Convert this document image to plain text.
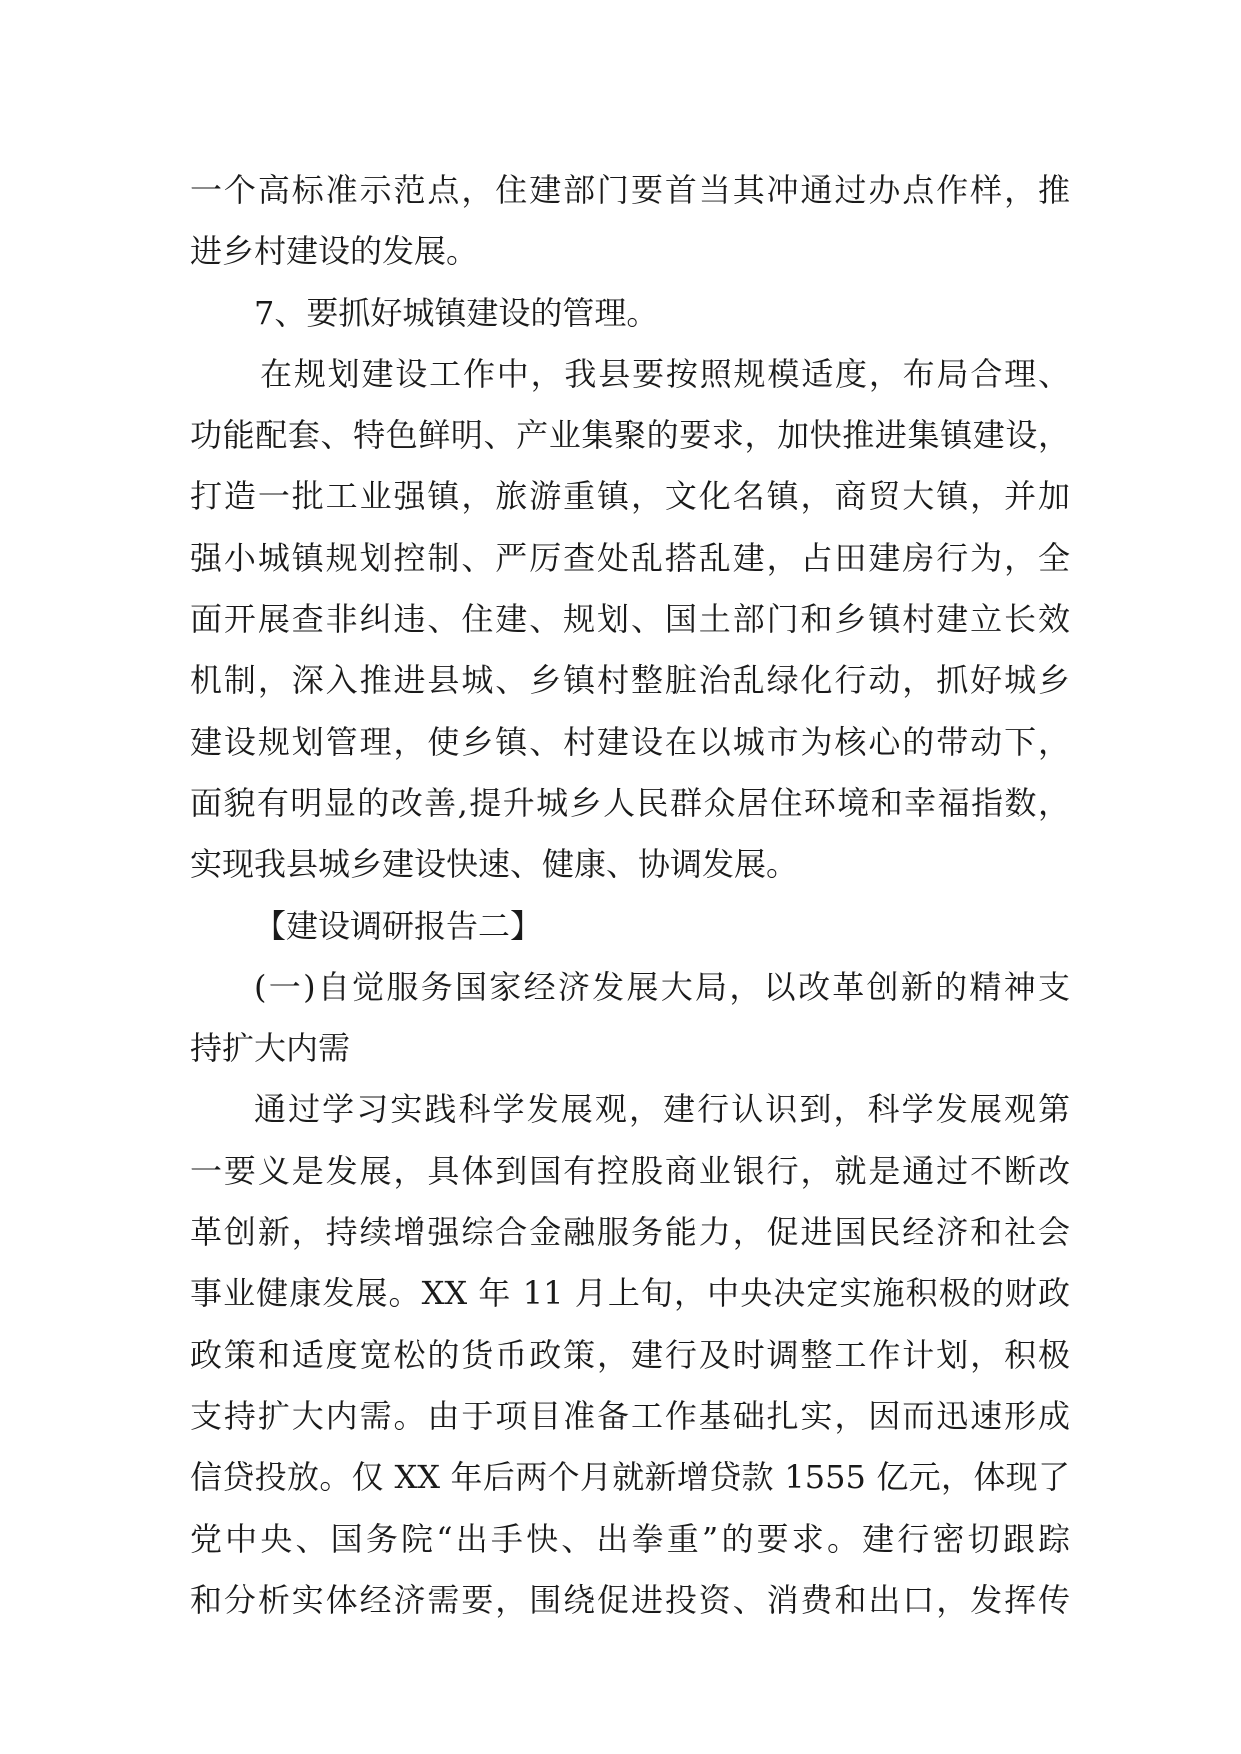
一个高标准示范点，住建部门要首当其冲通过办点作样，推
进乡村建设的发展。
7、要抓好城镇建设的管理。
在规划建设工作中，我县要按照规模适度，布局合理、
功能配套、特色鲜明、产业集聚的要求，加快推进集镇建设，
打造一批工业强镇，旅游重镇，文化名镇，商贸大镇，并加
强小城镇规划控制、严厉查处乱搭乱建，占田建房行为，全
面开展查非纠违、住建、规划、国土部门和乡镇村建立长效
机制，深入推进县城、乡镇村整脏治乱绿化行动，抓好城乡
建设规划管理，使乡镇、村建设在以城市为核心的带动下，
面貌有明显的改善,提升城乡人民群众居住环境和幸福指数，
实现我县城乡建设快速、健康、协调发展。
【建设调研报告二】
(一)自觉服务国家经济发展大局，以改革创新的精神支
持扩大内需
通过学习实践科学发展观，建行认识到，科学发展观第
一要义是发展，具体到国有控股商业银行，就是通过不断改
革创新，持续增强综合金融服务能力，促进国民经济和社会
事业健康发展。XX 年 11 月上旬，中央决定实施积极的财政
政策和适度宽松的货币政策，建行及时调整工作计划，积极
支持扩大内需。由于项目准备工作基础扎实，因而迅速形成
信贷投放。仅 XX 年后两个月就新增贷款 1555 亿元，体现了
党中央、国务院“出手快、出拳重”的要求。建行密切跟踪
和分析实体经济需要，围绕促进投资、消费和出口，发挥传
